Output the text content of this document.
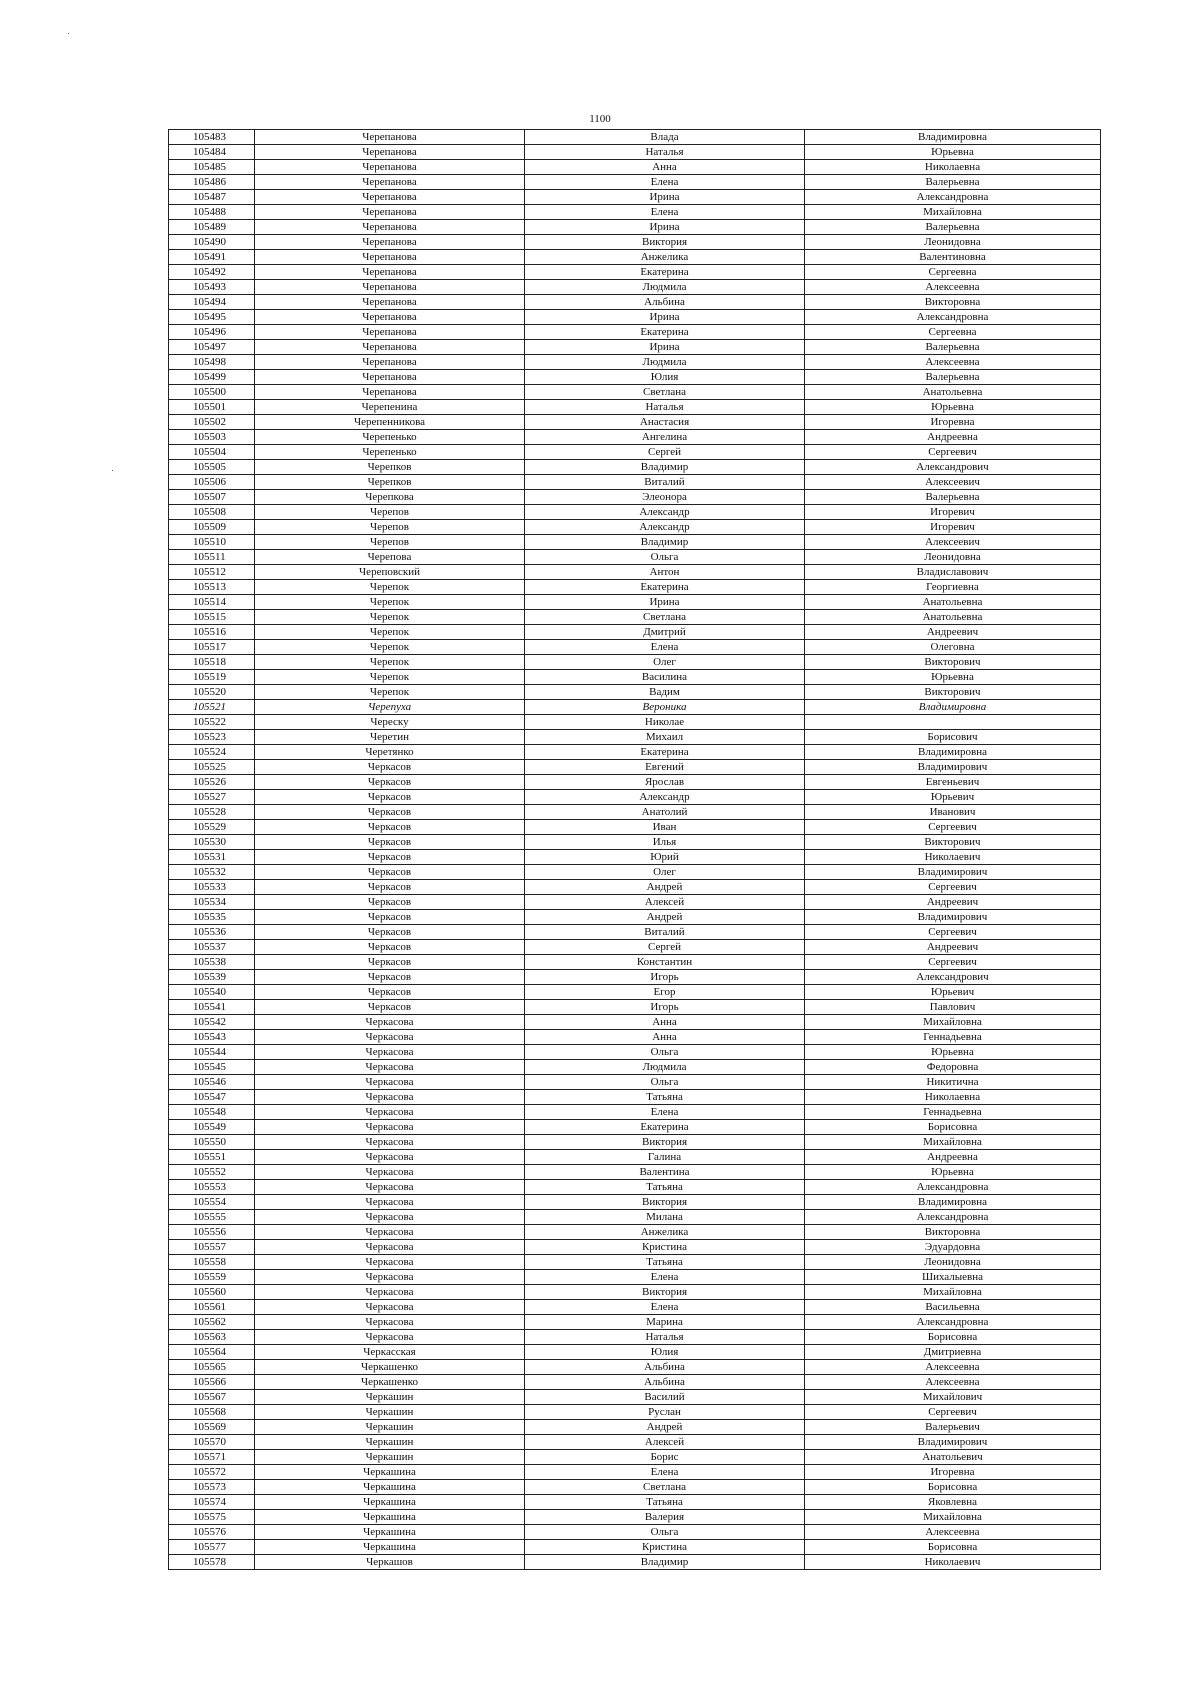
1100
105483	Черепанова	Влада	Владимировна
105484	Черепанова	Наталья	Юрьевна
105485	Черепанова	Анна	Николаевна
105486	Черепанова	Елена	Валерьевна
105487	Черепанова	Ирина	Александровна
105488	Черепанова	Елена	Михайловна
105489	Черепанова	Ирина	Валерьевна
105490	Черепанова	Виктория	Леонидовна
105491	Черепанова	Анжелика	Валентиновна
105492	Черепанова	Екатерина	Сергеевна
105493	Черепанова	Людмила	Алексеевна
105494	Черепанова	Альбина	Викторовна
105495	Черепанова	Ирина	Александровна
105496	Черепанова	Екатерина	Сергеевна
105497	Черепанова	Ирина	Валерьевна
105498	Черепанова	Людмила	Алексеевна
105499	Черепанова	Юлия	Валерьевна
105500	Черепанова	Светлана	Анатольевна
105501	Черепенина	Наталья	Юрьевна
105502	Черепенникова	Анастасия	Игоревна
105503	Черепенько	Ангелина	Андреевна
105504	Черепенько	Сергей	Сергеевич
105505	Черепков	Владимир	Александрович
105506	Черепков	Виталий	Алексеевич
105507	Черепкова	Элеонора	Валерьевна
105508	Черепов	Александр	Игоревич
105509	Черепов	Александр	Игоревич
105510	Черепов	Владимир	Алексеевич
105511	Черепова	Ольга	Леонидовна
105512	Череповский	Антон	Владиславович
105513	Черепок	Екатерина	Георгиевна
105514	Черепок	Ирина	Анатольевна
105515	Черепок	Светлана	Анатольевна
105516	Черепок	Дмитрий	Андреевич
105517	Черепок	Елена	Олеговна
105518	Черепок	Олег	Викторович
105519	Черепок	Василина	Юрьевна
105520	Черепок	Вадим	Викторович
105521	Черепуха	Вероника	Владимировна
105522	Череску	Николае	
105523	Черетин	Михаил	Борисович
105524	Черетянко	Екатерина	Владимировна
105525	Черкасов	Евгений	Владимирович
105526	Черкасов	Ярослав	Евгеньевич
105527	Черкасов	Александр	Юрьевич
105528	Черкасов	Анатолий	Иванович
105529	Черкасов	Иван	Сергеевич
105530	Черкасов	Илья	Викторович
105531	Черкасов	Юрий	Николаевич
105532	Черкасов	Олег	Владимирович
105533	Черкасов	Андрей	Сергеевич
105534	Черкасов	Алексей	Андреевич
105535	Черкасов	Андрей	Владимирович
105536	Черкасов	Виталий	Сергеевич
105537	Черкасов	Сергей	Андреевич
105538	Черкасов	Константин	Сергеевич
105539	Черкасов	Игорь	Александрович
105540	Черкасов	Егор	Юрьевич
105541	Черкасов	Игорь	Павлович
105542	Черкасова	Анна	Михайловна
105543	Черкасова	Анна	Геннадьевна
105544	Черкасова	Ольга	Юрьевна
105545	Черкасова	Людмила	Федоровна
105546	Черкасова	Ольга	Никитична
105547	Черкасова	Татьяна	Николаевна
105548	Черкасова	Елена	Геннадьевна
105549	Черкасова	Екатерина	Борисовна
105550	Черкасова	Виктория	Михайловна
105551	Черкасова	Галина	Андреевна
105552	Черкасова	Валентина	Юрьевна
105553	Черкасова	Татьяна	Александровна
105554	Черкасова	Виктория	Владимировна
105555	Черкасова	Милана	Александровна
105556	Черкасова	Анжелика	Викторовна
105557	Черкасова	Кристина	Эдуардовна
105558	Черкасова	Татьяна	Леонидовна
105559	Черкасова	Елена	Шихалыевна
105560	Черкасова	Виктория	Михайловна
105561	Черкасова	Елена	Васильевна
105562	Черкасова	Марина	Александровна
105563	Черкасова	Наталья	Борисовна
105564	Черкасская	Юлия	Дмитриевна
105565	Черкашенко	Альбина	Алексеевна
105566	Черкашенко	Альбина	Алексеевна
105567	Черкашин	Василий	Михайлович
105568	Черкашин	Руслан	Сергеевич
105569	Черкашин	Андрей	Валерьевич
105570	Черкашин	Алексей	Владимирович
105571	Черкашин	Борис	Анатольевич
105572	Черкашина	Елена	Игоревна
105573	Черкашина	Светлана	Борисовна
105574	Черкашина	Татьяна	Яковлевна
105575	Черкашина	Валерия	Михайловна
105576	Черкашина	Ольга	Алексеевна
105577	Черкашина	Кристина	Борисовна
105578	Черкашов	Владимир	Николаевич
